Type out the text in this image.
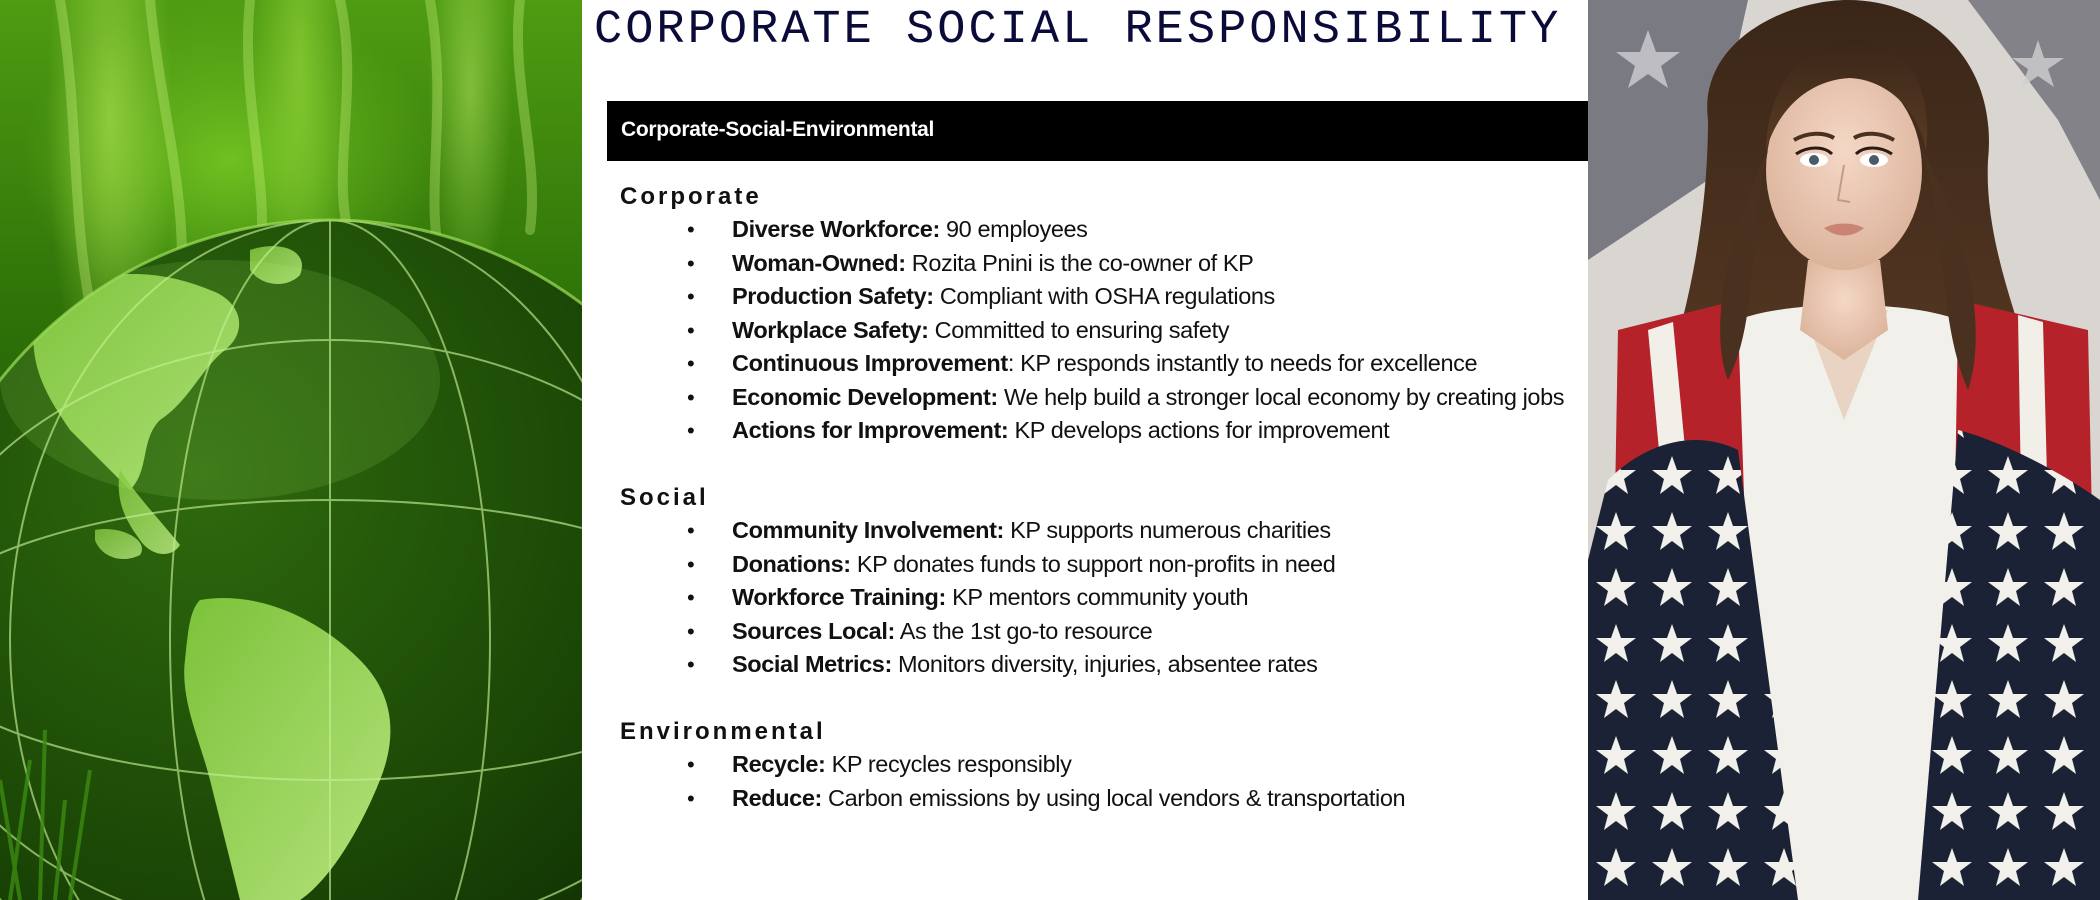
CORPORATE SOCIAL RESPONSIBILITY
Corporate-Social-Environmental
Corporate
• Diverse Workforce: 90 employees
• Woman-Owned: Rozita Pnini is the co-owner of KP
• Production Safety: Compliant with OSHA regulations
• Workplace Safety: Committed to ensuring safety
• Continuous Improvement: KP responds instantly to needs for excellence
• Economic Development: We help build a stronger local economy by creating jobs
• Actions for Improvement: KP develops actions for improvement
Social
• Community Involvement: KP supports numerous charities
• Donations: KP donates funds to support non-profits in need
• Workforce Training: KP mentors community youth
• Sources Local: As the 1st go-to resource
• Social Metrics: Monitors diversity, injuries, absentee rates
Environmental
• Recycle: KP recycles responsibly
• Reduce: Carbon emissions by using local vendors & transportation
